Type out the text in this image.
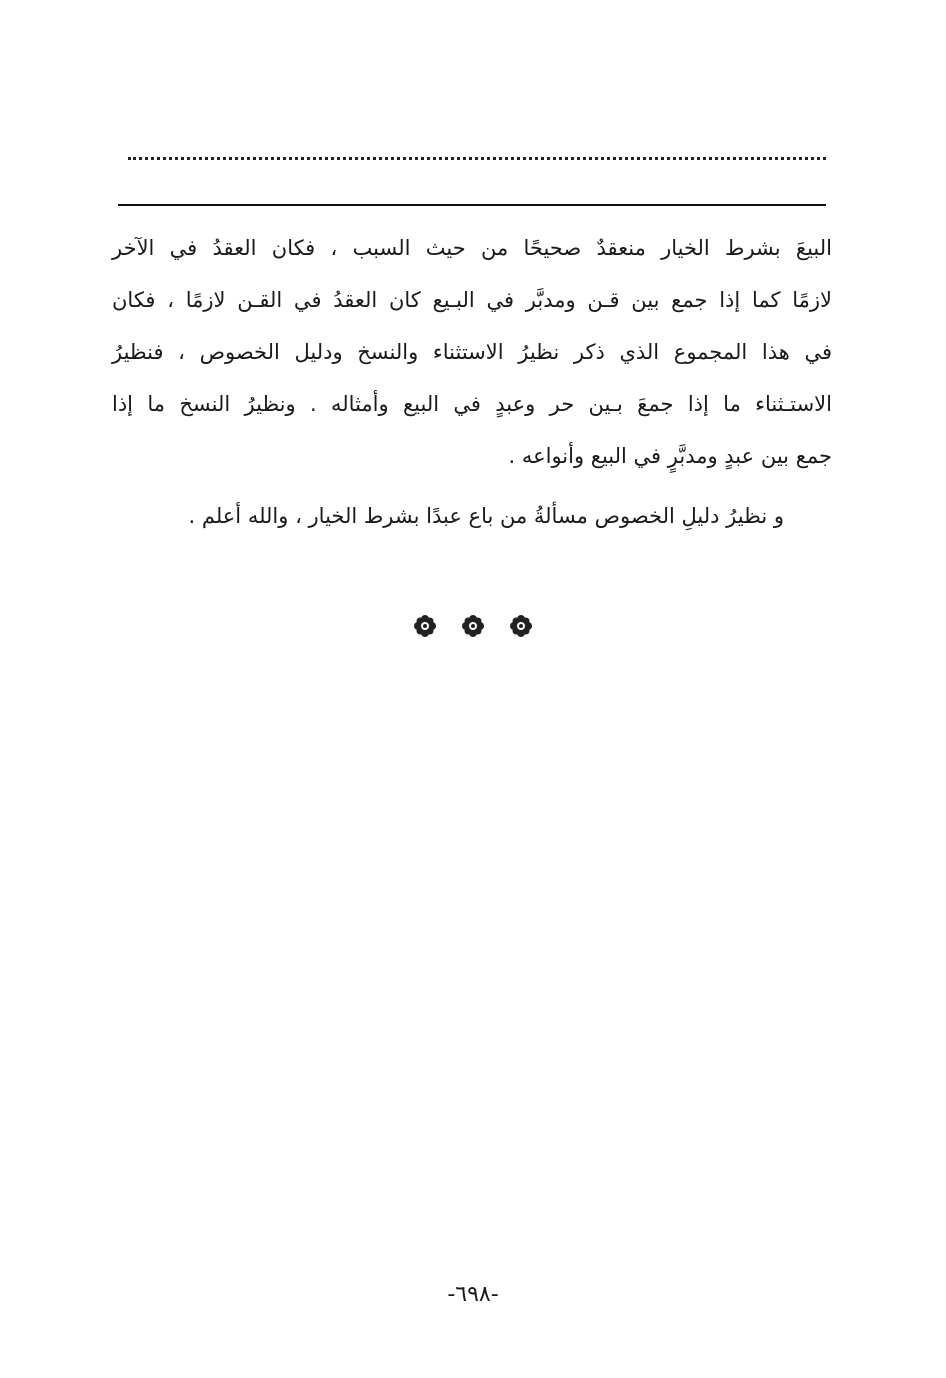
البيعَ بشرط الخيار منعقدٌ صحيحًا من حيث السبب ، فكان العقدُ في الآخر

لازمًا كما إذا جمع بين قـن ومدبَّر في البـيع كان العقدُ في القـن لازمًا ، فكان

في هذا المجموع الذي ذكر نظيرُ الاستثناء والنسخ ودليل الخصوص ، فنظيرُ

الاستـثناء ما إذا جمعَ بـين حر وعبدٍ في البيع وأمثاله . ونظيرُ النسخ ما إذا

جمع بين عبدٍ ومدبَّرٍ في البيع وأنواعه .

و نظيرُ دليلِ الخصوص مسألةُ من باع عبدًا بشرط الخيار ، والله أعلم .

-٦٩٨-
